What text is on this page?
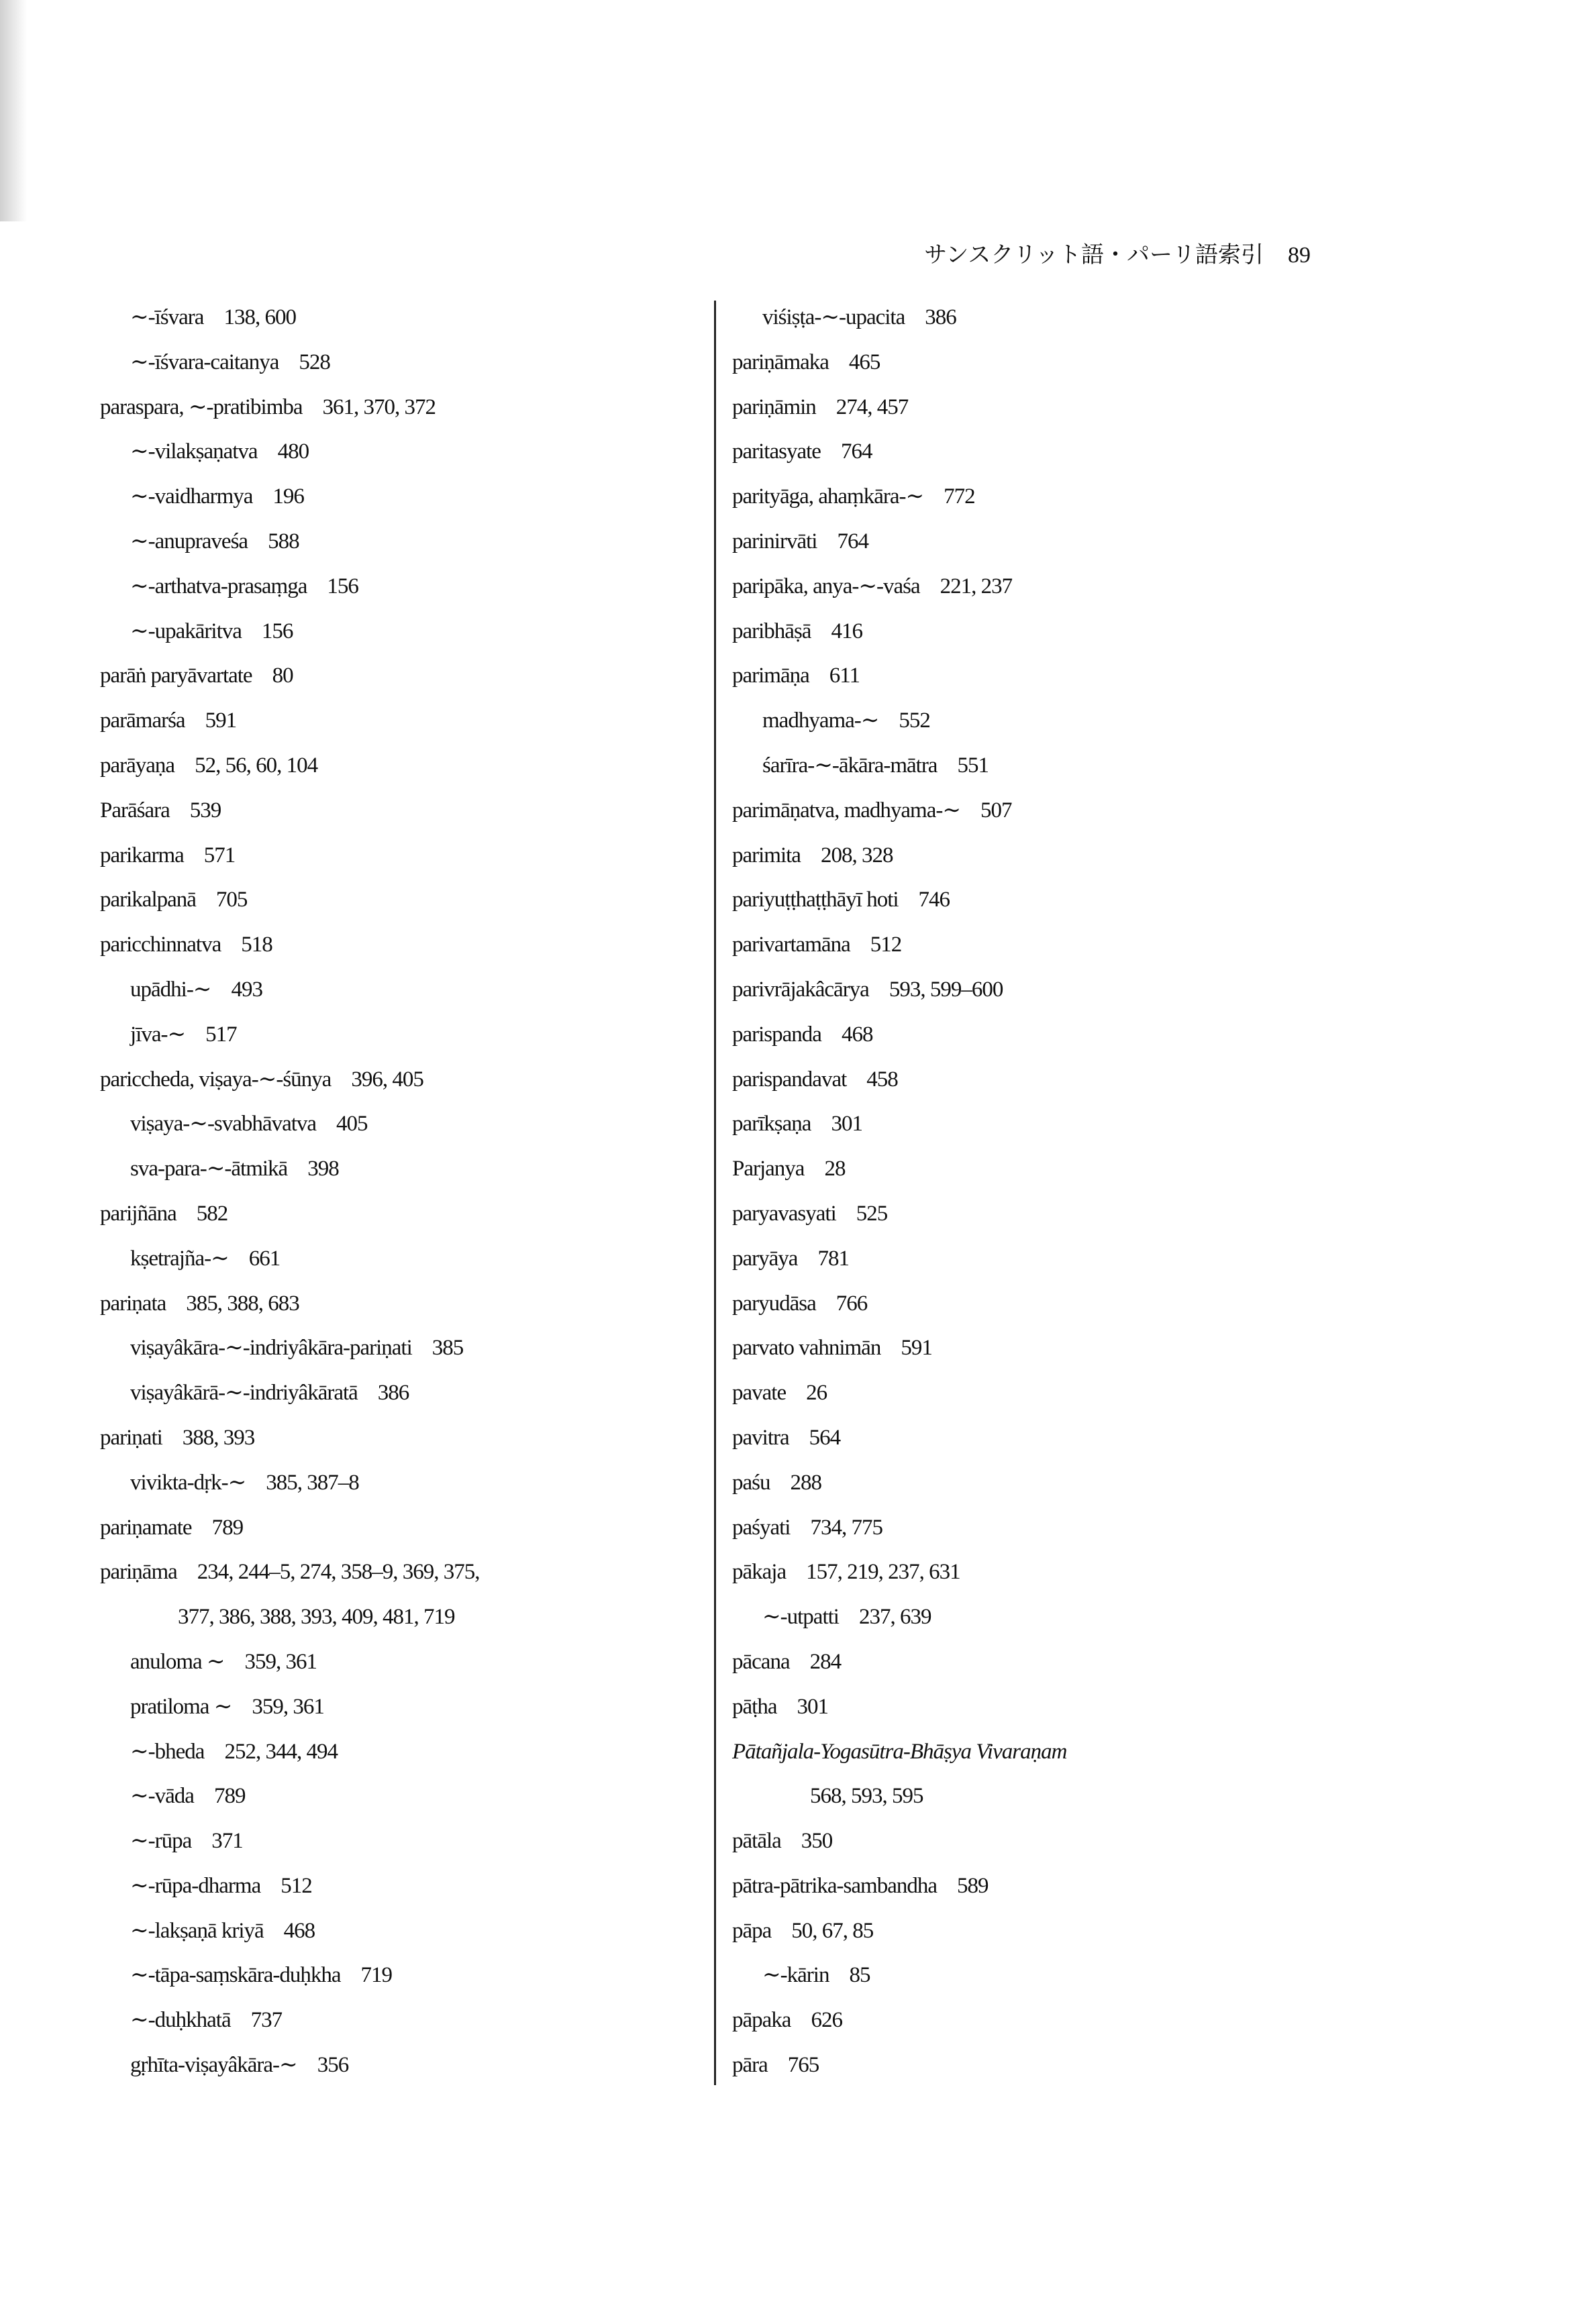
サンスクリット語・パーリ語索引 89
∼-īśvara 138, 600
∼-īśvara-caitanya 528
paraspara, ∼-pratibimba 361, 370, 372
∼-vilakṣaṇatva 480
∼-vaidharmya 196
∼-anupraveśa 588
∼-arthatva-prasaṃga 156
∼-upakāritva 156
parāṅ paryāvartate 80
parāmarśa 591
parāyaṇa 52, 56, 60, 104
Parāśara 539
parikarma 571
parikalpanā 705
paricchinnatva 518
upādhi-∼ 493
jīva-∼ 517
pariccheda, viṣaya-∼-śūnya 396, 405
viṣaya-∼-svabhāvatva 405
sva-para-∼-ātmikā 398
parijñāna 582
kṣetrajña-∼ 661
pariṇata 385, 388, 683
viṣayâkāra-∼-indriyâkāra-pariṇati 385
viṣayâkārā-∼-indriyâkāratā 386
pariṇati 388, 393
vivikta-dṛk-∼ 385, 387–8
pariṇamate 789
pariṇāma 234, 244–5, 274, 358–9, 369, 375,
377, 386, 388, 393, 409, 481, 719
anuloma ∼ 359, 361
pratiloma ∼ 359, 361
∼-bheda 252, 344, 494
∼-vāda 789
∼-rūpa 371
∼-rūpa-dharma 512
∼-lakṣaṇā kriyā 468
∼-tāpa-saṃskāra-duḥkha 719
∼-duḥkhatā 737
gṛhīta-viṣayâkāra-∼ 356
viśiṣṭa-∼-upacita 386
pariṇāmaka 465
pariṇāmin 274, 457
paritasyate 764
parityāga, ahaṃkāra-∼ 772
parinirvāti 764
paripāka, anya-∼-vaśa 221, 237
paribhāṣā 416
parimāṇa 611
madhyama-∼ 552
śarīra-∼-ākāra-mātra 551
parimāṇatva, madhyama-∼ 507
parimita 208, 328
pariyuṭṭhaṭṭhāyī hoti 746
parivartamāna 512
parivrājakâcārya 593, 599–600
parispanda 468
parispandavat 458
parīkṣaṇa 301
Parjanya 28
paryavasyati 525
paryāya 781
paryudāsa 766
parvato vahnimān 591
pavate 26
pavitra 564
paśu 288
paśyati 734, 775
pākaja 157, 219, 237, 631
∼-utpatti 237, 639
pācana 284
pāṭha 301
Pātañjala-Yogasūtra-Bhāṣya Vivaraṇam
568, 593, 595
pātāla 350
pātra-pātrika-sambandha 589
pāpa 50, 67, 85
∼-kārin 85
pāpaka 626
pāra 765
